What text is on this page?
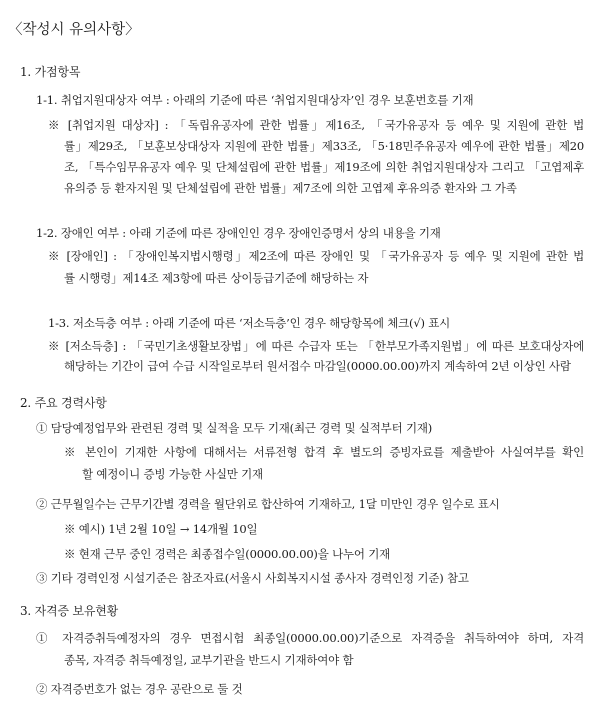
〈작성시 유의사항〉
1. 가점항목
1-1. 취업지원대상자 여부 : 아래의 기준에 따른 ‘취업지원대상자’인 경우 보훈번호를 기재
※ [취업지원 대상자] : 「독립유공자에 관한 법률」제16조, 「국가유공자 등 예우 및 지원에 관한 법
률」제29조, 「보훈보상대상자 지원에 관한 법률」제33조, 「5·18민주유공자 예우에 관한 법률」제20
조, 「특수임무유공자 예우 및 단체설립에 관한 법률」제19조에 의한 취업지원대상자 그리고 「고엽제후
유의증 등 환자지원 및 단체설립에 관한 법률」제7조에 의한 고엽제 후유의증 환자와 그 가족
1-2. 장애인 여부 : 아래 기준에 따른 장애인인 경우 장애인증명서 상의 내용을 기재
※ [장애인] : 「장애인복지법시행령」제2조에 따른 장애인 및 「국가유공자 등 예우 및 지원에 관한 법
률 시행령」제14조 제3항에 따른 상이등급기준에 해당하는 자
1-3. 저소득층 여부 : 아래 기준에 따른 ‘저소득층’인 경우 해당항목에 체크(√) 표시
※ [저소득층] : 「국민기초생활보장법」에 따른 수급자 또는 「한부모가족지원법」에 따른 보호대상자에
해당하는 기간이 급여 수급 시작일로부터 원서접수 마감일(0000.00.00)까지 계속하여 2년 이상인 사람
2. 주요 경력사항
① 담당예정업무와 관련된 경력 및 실적을 모두 기재(최근 경력 및 실적부터 기재)
※ 본인이 기재한 사항에 대해서는 서류전형 합격 후 별도의 증빙자료를 제출받아 사실여부를 확인
할 예정이니 증빙 가능한 사실만 기재
② 근무월일수는 근무기간별 경력을 월단위로 합산하여 기재하고, 1달 미만인 경우 일수로 표시
※ 예시) 1년 2월 10일 → 14개월 10일
※ 현재 근무 중인 경력은 최종접수일(0000.00.00)을 나누어 기재
③ 기타 경력인정 시설기준은 참조자료(서울시 사회복지시설 종사자 경력인정 기준) 참고
3. 자격증 보유현황
① 자격증취득예정자의 경우 면접시험 최종일(0000.00.00)기준으로 자격증을 취득하여야 하며, 자격
종목, 자격증 취득예정일, 교부기관을 반드시 기재하여야 함
② 자격증번호가 없는 경우 공란으로 둘 것
